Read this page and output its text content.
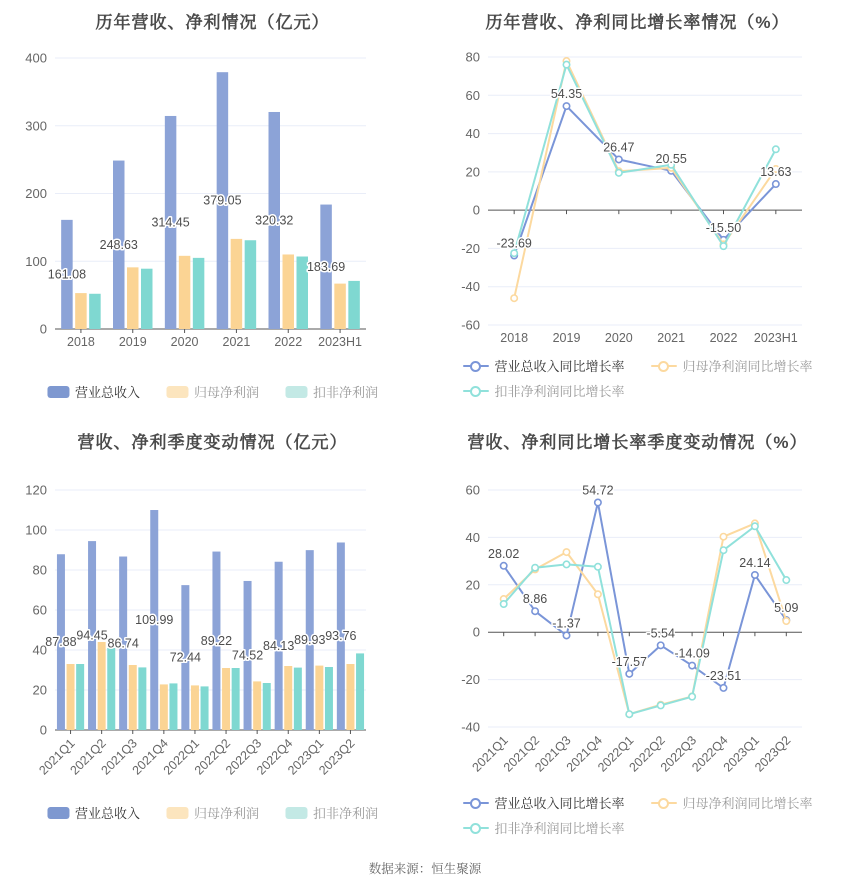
历年营收、净利情况（亿元）
0
100
200
300
400
161.08
248.63
314.45
379.05
320.32
183.69
2018 2019 2020 2021 2022 2023H1
营业总收入	归母净利润	扣非净利润
历年营收、净利同比增长率情况（%）
-60
-40
-20
0
20
40
60
80
-23.69
54.35
26.47
20.55
-15.50
13.63
2018 2019 2020 2021 2022 2023H1
营业总收入同比增长率	归母净利润同比增长率
扣非净利润同比增长率
营收、净利季度变动情况（亿元）
0
20
40
60
80
100
120
87.88 94.45
86.74
109.99
72.44
89.22
74.52
84.13 89.93 93.76
2021Q1
2021Q2
2021Q3
2021Q4
2022Q1
2022Q2
2022Q3
2022Q4
2023Q1
2023Q2
营业总收入	归母净利润	扣非净利润
营收、净利同比增长率季度变动情况（%）
-40
-20
0
20
40
60
28.02
8.86
-1.37
54.72
-17.57
-5.54
-14.09
-23.51
24.14
5.09
2021Q1
2021Q2
2021Q3
2021Q4
2022Q1
2022Q2
2022Q3
2022Q4
2023Q1
2023Q2
营业总收入同比增长率	归母净利润同比增长率
扣非净利润同比增长率
数据来源：恒生聚源
